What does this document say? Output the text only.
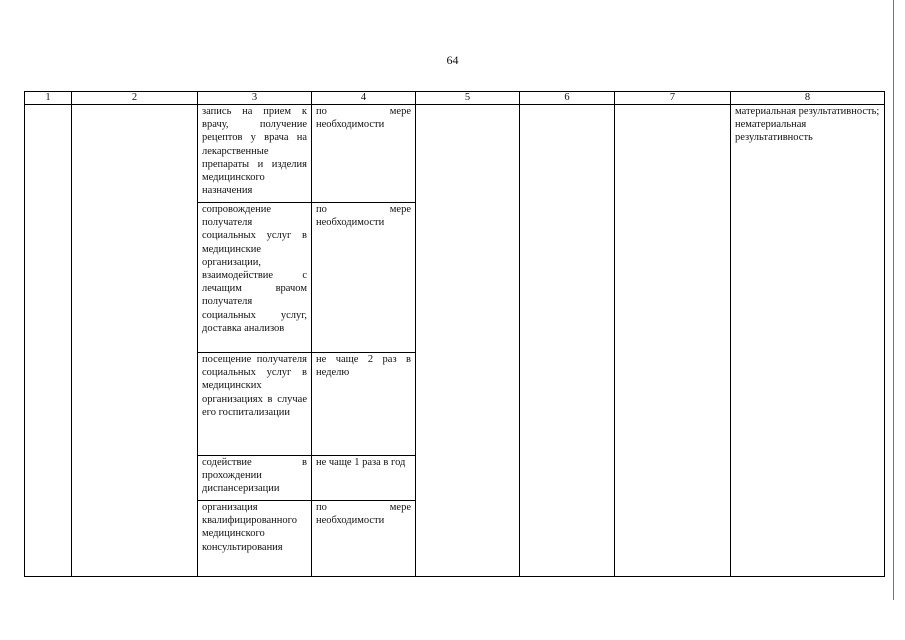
64
1	2	3	4	5	6	7	8
		запись на прием к врачу, получение рецептов у врача на лекарственные препараты и изделия медицинского назначения	по мере необходимости				материальная результативность;
нематериальная результативность

		сопровождение получателя социальных услуг в медицинские организации, взаимодействие с лечащим врачом получателя социальных услуг, доставка анализов	по мере необходимости				
		посещение получателя социальных услуг в медицинских организациях в случае его госпитализации	не чаще 2 раз в неделю				
		содействие в прохождении диспансеризации	не чаще 1 раза в год				
		организация квалифицированного медицинского консультирования	по мере необходимости				
